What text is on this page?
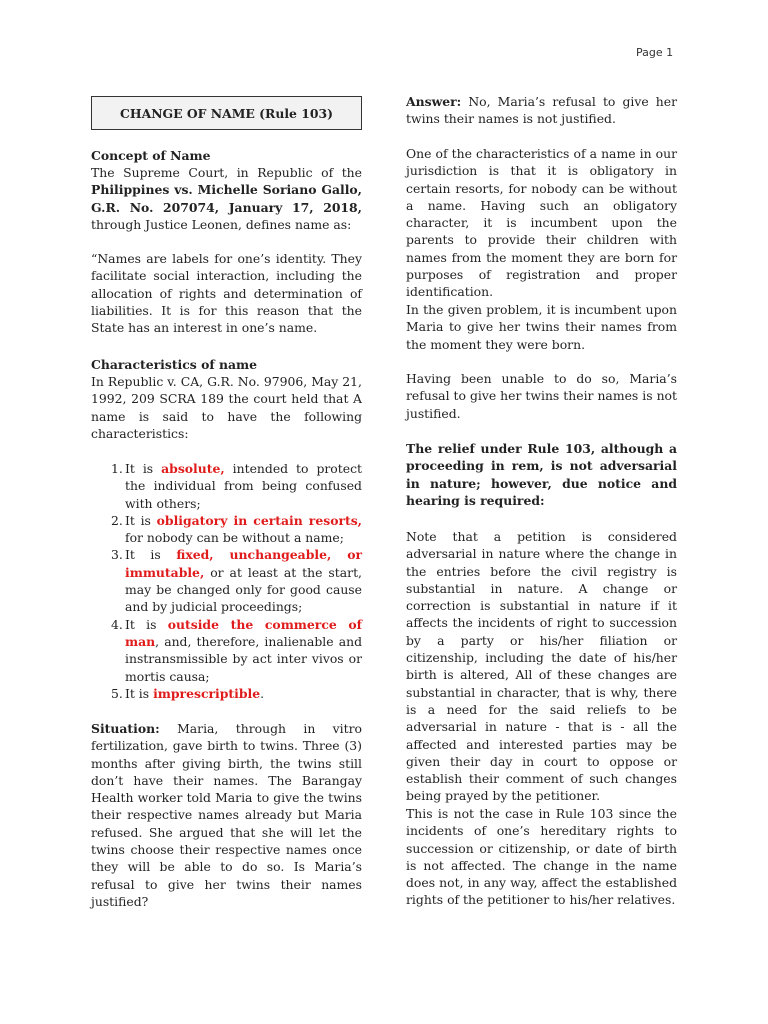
Page 1
CHANGE OF NAME (Rule 103)

Concept of Name

The Supreme Court, in Republic of the Philippines vs. Michelle Soriano Gallo, G.R. No. 207074, January 17, 2018, through Justice Leonen, defines name as:

“Names are labels for one’s identity. They facilitate social interaction, including the allocation of rights and determination of liabilities. It is for this reason that the State has an interest in one’s name.

Characteristics of name

In Republic v. CA, G.R. No. 97906, May 21, 1992, 209 SCRA 189 the court held that A name is said to have the following characteristics:

1. It is absolute, intended to protect the individual from being confused with others;
2. It is obligatory in certain resorts, for nobody can be without a name;
3. It is fixed, unchangeable, or immutable, or at least at the start, may be changed only for good cause and by judicial proceedings;
4. It is outside the commerce of man, and, therefore, inalienable and instransmissible by act inter vivos or mortis causa;
5. It is imprescriptible.

Situation: Maria, through in vitro fertilization, gave birth to twins. Three (3) months after giving birth, the twins still don’t have their names. The Barangay Health worker told Maria to give the twins their respective names already but Maria refused. She argued that she will let the twins choose their respective names once they will be able to do so. Is Maria’s refusal to give her twins their names justified?

Answer: No, Maria’s refusal to give her twins their names is not justified.

One of the characteristics of a name in our jurisdiction is that it is obligatory in certain resorts, for nobody can be without a name. Having such an obligatory character, it is incumbent upon the parents to provide their children with names from the moment they are born for purposes of registration and proper identification.

In the given problem, it is incumbent upon Maria to give her twins their names from the moment they were born.

Having been unable to do so, Maria’s refusal to give her twins their names is not justified.

The relief under Rule 103, although a proceeding in rem, is not adversarial in nature; however, due notice and hearing is required:

Note that a petition is considered adversarial in nature where the change in the entries before the civil registry is substantial in nature. A change or correction is substantial in nature if it affects the incidents of right to succession by a party or his/her filiation or citizenship, including the date of his/her birth is altered, All of these changes are substantial in character, that is why, there is a need for the said reliefs to be adversarial in nature - that is - all the affected and interested parties may be given their day in court to oppose or establish their comment of such changes being prayed by the petitioner.

This is not the case in Rule 103 since the incidents of one’s hereditary rights to succession or citizenship, or date of birth is not affected. The change in the name does not, in any way, affect the established rights of the petitioner to his/her relatives.
